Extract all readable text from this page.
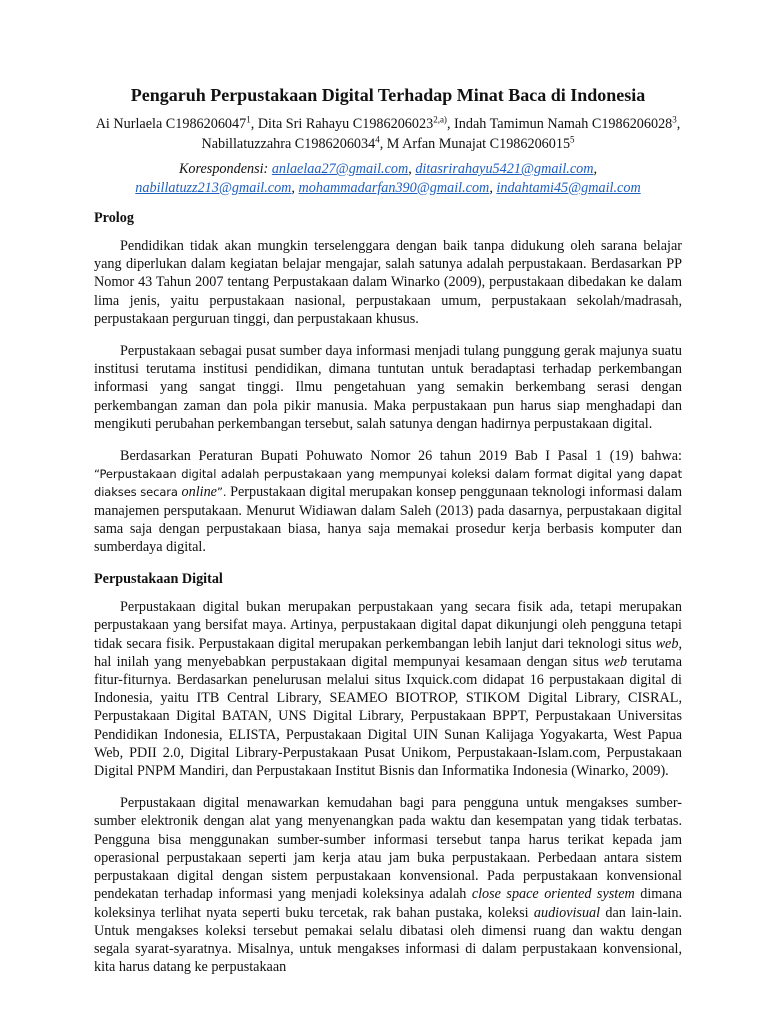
Pengaruh Perpustakaan Digital Terhadap Minat Baca di Indonesia
Ai Nurlaela C1986206047$^1$, Dita Sri Rahayu C1986206023$^{2,a)}$, Indah Tamimun Namah C1986206028$^3$, Nabillatuzzahra C1986206034$^4$, M Arfan Munajat C1986206015$^5$
Korespondensi: anlaelaa27@gmail.com, ditasrirahayu5421@gmail.com,
nabillatuzz213@gmail.com, mohammadarfan390@gmail.com, indahtami45@gmail.com
Prolog

Pendidikan tidak akan mungkin terselenggara dengan baik tanpa didukung oleh sarana belajar yang diperlukan dalam kegiatan belajar mengajar, salah satunya adalah perpustakaan. Berdasarkan PP Nomor 43 Tahun 2007 tentang Perpustakaan dalam Winarko (2009), perpustakaan dibedakan ke dalam lima jenis, yaitu perpustakaan nasional, perpustakaan umum, perpustakaan sekolah/madrasah, perpustakaan perguruan tinggi, dan perpustakaan khusus.

Perpustakaan sebagai pusat sumber daya informasi menjadi tulang punggung gerak majunya suatu institusi terutama institusi pendidikan, dimana tuntutan untuk beradaptasi terhadap perkembangan informasi yang sangat tinggi. Ilmu pengetahuan yang semakin berkembang serasi dengan perkembangan zaman dan pola pikir manusia. Maka perpustakaan pun harus siap menghadapi dan mengikuti perubahan perkembangan tersebut, salah satunya dengan hadirnya perpustakaan digital.

Berdasarkan Peraturan Bupati Pohuwato Nomor 26 tahun 2019 Bab I Pasal 1 (19) bahwa: “Perpustakaan digital adalah perpustakaan yang mempunyai koleksi dalam format digital yang dapat diakses secara online”. Perpustakaan digital merupakan konsep penggunaan teknologi informasi dalam manajemen persputakaan. Menurut Widiawan dalam Saleh (2013) pada dasarnya, perpustakaan digital sama saja dengan perpustakaan biasa, hanya saja memakai prosedur kerja berbasis komputer dan sumberdaya digital.

Perpustakaan Digital

Perpustakaan digital bukan merupakan perpustakaan yang secara fisik ada, tetapi merupakan perpustakaan yang bersifat maya. Artinya, perpustakaan digital dapat dikunjungi oleh pengguna tetapi tidak secara fisik. Perpustakaan digital merupakan perkembangan lebih lanjut dari teknologi situs web, hal inilah yang menyebabkan perpustakaan digital mempunyai kesamaan dengan situs web terutama fitur-fiturnya. Berdasarkan penelurusan melalui situs Ixquick.com didapat 16 perpustakaan digital di Indonesia, yaitu ITB Central Library, SEAMEO BIOTROP, STIKOM Digital Library, CISRAL, Perpustakaan Digital BATAN, UNS Digital Library, Perpustakaan BPPT, Perpustakaan Universitas Pendidikan Indonesia, ELISTA, Perpustakaan Digital UIN Sunan Kalijaga Yogyakarta, West Papua Web, PDII 2.0, Digital Library-Perpustakaan Pusat Unikom, Perpustakaan-Islam.com, Perpustakaan Digital PNPM Mandiri, dan Perpustakaan Institut Bisnis dan Informatika Indonesia (Winarko, 2009).

Perpustakaan digital menawarkan kemudahan bagi para pengguna untuk mengakses sumber-sumber elektronik dengan alat yang menyenangkan pada waktu dan kesempatan yang tidak terbatas. Pengguna bisa menggunakan sumber-sumber informasi tersebut tanpa harus terikat kepada jam operasional perpustakaan seperti jam kerja atau jam buka perpustakaan. Perbedaan antara sistem perpustakaan digital dengan sistem perpustakaan konvensional. Pada perpustakaan konvensional pendekatan terhadap informasi yang menjadi koleksinya adalah close space oriented system dimana koleksinya terlihat nyata seperti buku tercetak, rak bahan pustaka, koleksi audiovisual dan lain-lain. Untuk mengakses koleksi tersebut pemakai selalu dibatasi oleh dimensi ruang dan waktu dengan segala syarat-syaratnya. Misalnya, untuk mengakses informasi di dalam perpustakaan konvensional, kita harus datang ke perpustakaan
